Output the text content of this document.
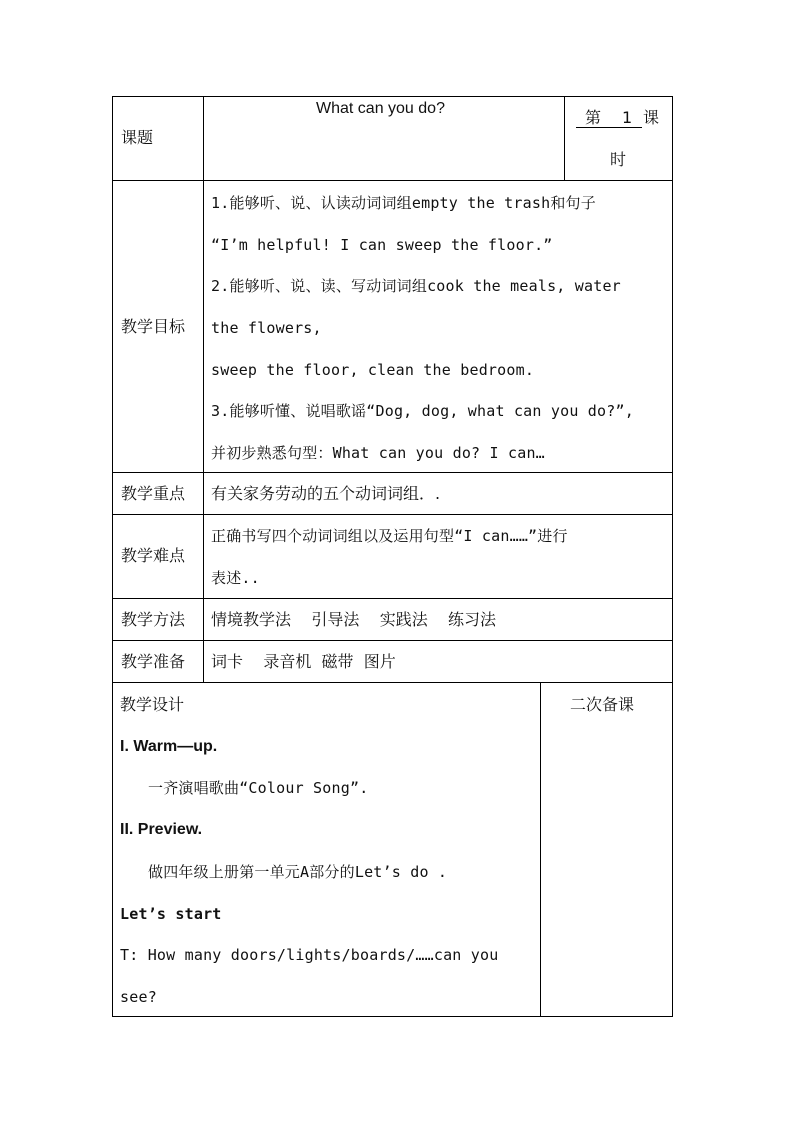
课题
What can you do?	第 1 课
时
教学目标
1.能够听、说、认读动词词组empty the trash和句子
“I’m helpful! I can sweep the floor.”
2.能够听、说、读、写动词词组cook the meals, water
the flowers,
sweep the floor, clean the bedroom.
3.能够听懂、说唱歌谣“Dog, dog, what can you do?”,
并初步熟悉句型：What can you do? I can…
教学重点 有关家务劳动的五个动词词组．.
教学难点
正确书写四个动词词组以及运用句型“I can……”进行
表述..
教学方法 情境教学法    引导法    实践法    练习法
教学准备 词卡    录音机  磁带  图片
教学设计	二次备课
I. Warm—up.
一齐演唱歌曲“Colour Song”.
II. Preview.
做四年级上册第一单元A部分的Let’s do .
Let’s start
T: How many doors/lights/boards/……can you
see?
